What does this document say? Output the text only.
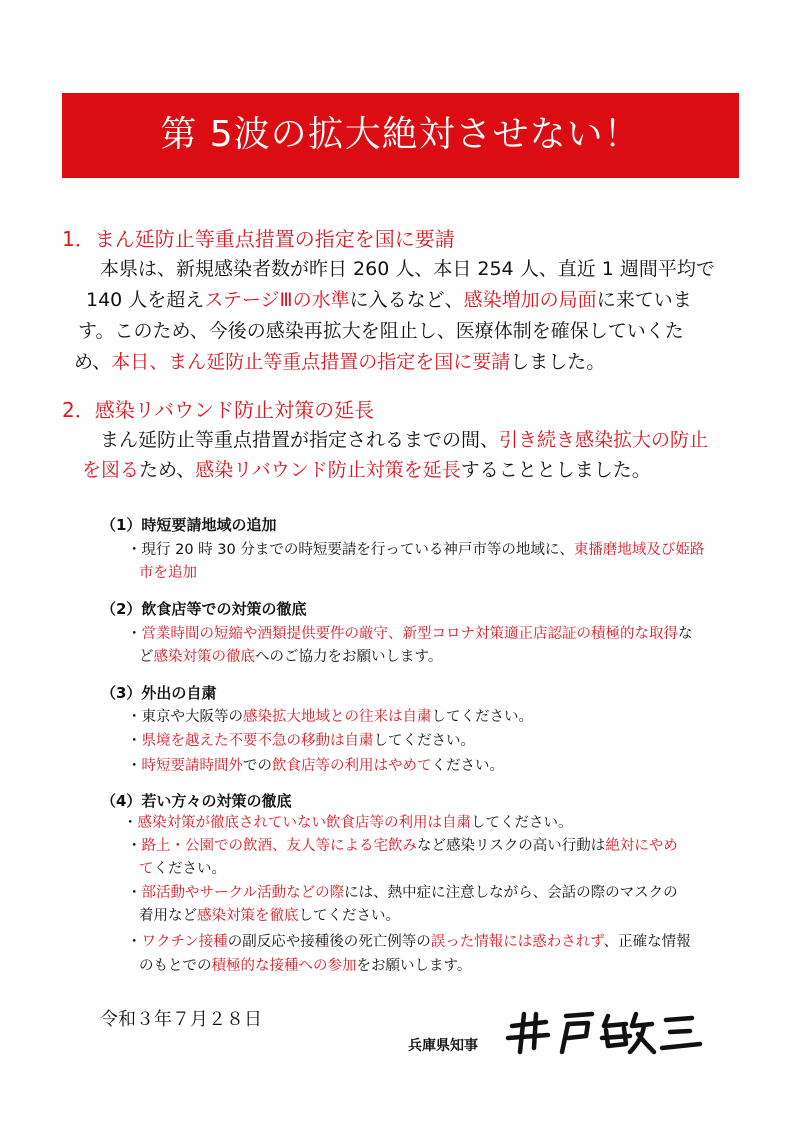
第 5波の拡大絶対させない！
1．まん延防止等重点措置の指定を国に要請
本県は、新規感染者数が昨日 260 人、本日 254 人、直近 1 週間平均で
140 人を超えステージⅢの水準に入るなど、感染増加の局面に来ていま
す。このため、今後の感染再拡大を阻止し、医療体制を確保していくた
め、本日、まん延防止等重点措置の指定を国に要請しました。
2．感染リバウンド防止対策の延長
まん延防止等重点措置が指定されるまでの間、引き続き感染拡大の防止
を図るため、感染リバウンド防止対策を延長することとしました。
（1）時短要請地域の追加
・現行 20 時 30 分までの時短要請を行っている神戸市等の地域に、東播磨地域及び姫路
市を追加
（2）飲食店等での対策の徹底
・営業時間の短縮や酒類提供要件の厳守、新型コロナ対策適正店認証の積極的な取得な
ど感染対策の徹底へのご協力をお願いします。
（3）外出の自粛
・東京や大阪等の感染拡大地域との往来は自粛してください。
・県境を越えた不要不急の移動は自粛してください。
・時短要請時間外での飲食店等の利用はやめてください。
（4）若い方々の対策の徹底
・感染対策が徹底されていない飲食店等の利用は自粛してください。
・路上・公園での飲酒、友人等による宅飲みなど感染リスクの高い行動は絶対にやめ
てください。
・部活動やサークル活動などの際には、熱中症に注意しながら、会話の際のマスクの
着用など感染対策を徹底してください。
・ワクチン接種の副反応や接種後の死亡例等の誤った情報には惑わされず、正確な情報
のもとでの積極的な接種への参加をお願いします。
令和３年７月２８日
兵庫県知事
